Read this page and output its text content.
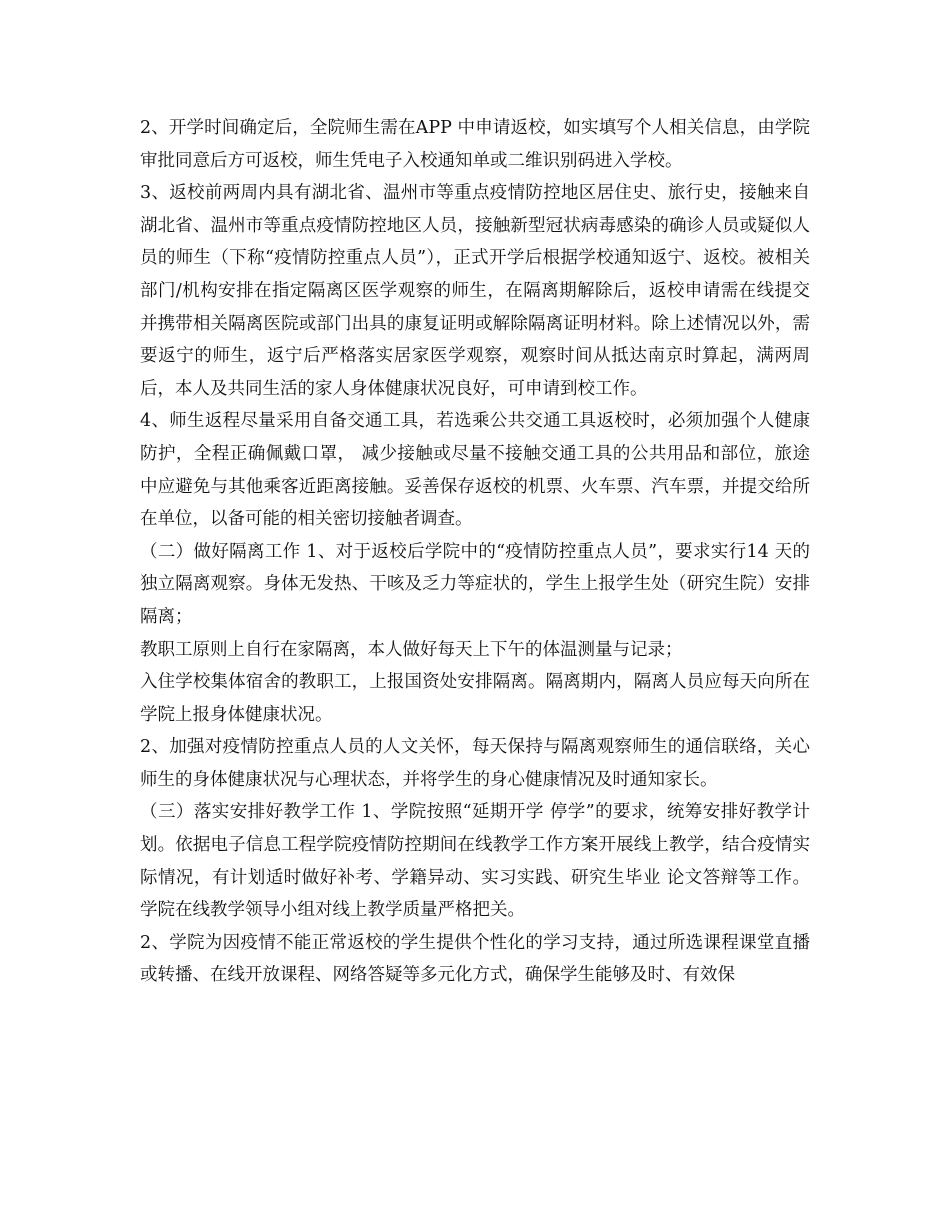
2、开学时间确定后，全院师生需在APP 中申请返校，如实填写个人相关信息，由学院审批同意后方可返校，师生凭电子入校通知单或二维识别码进入学校。

3、返校前两周内具有湖北省、温州市等重点疫情防控地区居住史、旅行史，接触来自湖北省、温州市等重点疫情防控地区人员，接触新型冠状病毒感染的确诊人员或疑似人员的师生（下称“疫情防控重点人员”），正式开学后根据学校通知返宁、返校。被相关部门/机构安排在指定隔离区医学观察的师生，在隔离期解除后，返校申请需在线提交并携带相关隔离医院或部门出具的康复证明或解除隔离证明材料。除上述情况以外，需要返宁的师生，返宁后严格落实居家医学观察，观察时间从抵达南京时算起，满两周后，本人及共同生活的家人身体健康状况良好，可申请到校工作。

4、师生返程尽量采用自备交通工具，若选乘公共交通工具返校时，必须加强个人健康防护，全程正确佩戴口罩， 减少接触或尽量不接触交通工具的公共用品和部位，旅途中应避免与其他乘客近距离接触。妥善保存返校的机票、火车票、汽车票，并提交给所在单位，以备可能的相关密切接触者调查。

（二）做好隔离工作 1、对于返校后学院中的“疫情防控重点人员”，要求实行14 天的独立隔离观察。身体无发热、干咳及乏力等症状的，学生上报学生处（研究生院）安排隔离；

教职工原则上自行在家隔离，本人做好每天上下午的体温测量与记录；

入住学校集体宿舍的教职工，上报国资处安排隔离。隔离期内，隔离人员应每天向所在学院上报身体健康状况。

2、加强对疫情防控重点人员的人文关怀，每天保持与隔离观察师生的通信联络，关心师生的身体健康状况与心理状态，并将学生的身心健康情况及时通知家长。

（三）落实安排好教学工作 1、学院按照“延期开学 停学”的要求，统筹安排好教学计划。依据电子信息工程学院疫情防控期间在线教学工作方案开展线上教学，结合疫情实际情况，有计划适时做好补考、学籍异动、实习实践、研究生毕业 论文答辩等工作。学院在线教学领导小组对线上教学质量严格把关。

2、学院为因疫情不能正常返校的学生提供个性化的学习支持，通过所选课程课堂直播或转播、在线开放课程、网络答疑等多元化方式，确保学生能够及时、有效保
